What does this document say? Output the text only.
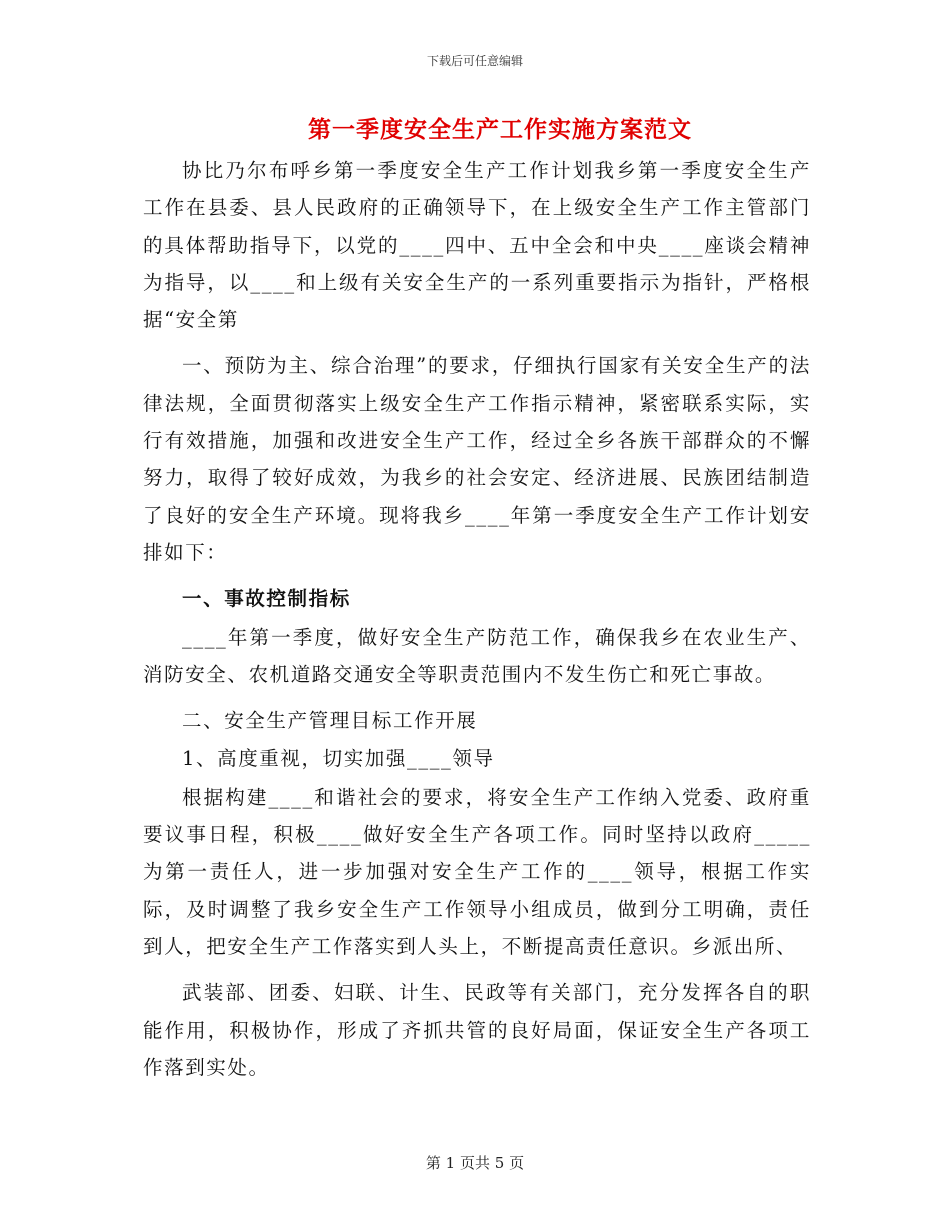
下载后可任意编辑
第一季度安全生产工作实施方案范文

协比乃尔布呼乡第一季度安全生产工作计划我乡第一季度安全生产工作在县委、县人民政府的正确领导下，在上级安全生产工作主管部门的具体帮助指导下，以党的____四中、五中全会和中央____座谈会精神为指导，以____和上级有关安全生产的一系列重要指示为指针，严格根据“安全第

一、预防为主、综合治理”的要求，仔细执行国家有关安全生产的法律法规，全面贯彻落实上级安全生产工作指示精神，紧密联系实际，实行有效措施，加强和改进安全生产工作，经过全乡各族干部群众的不懈努力，取得了较好成效，为我乡的社会安定、经济进展、民族团结制造了良好的安全生产环境。现将我乡____年第一季度安全生产工作计划安排如下：

一、事故控制指标

____年第一季度，做好安全生产防范工作，确保我乡在农业生产、消防安全、农机道路交通安全等职责范围内不发生伤亡和死亡事故。

二、安全生产管理目标工作开展

1、高度重视，切实加强____领导

根据构建____和谐社会的要求，将安全生产工作纳入党委、政府重要议事日程，积极____做好安全生产各项工作。同时坚持以政府_____为第一责任人，进一步加强对安全生产工作的____领导，根据工作实际，及时调整了我乡安全生产工作领导小组成员，做到分工明确，责任到人，把安全生产工作落实到人头上，不断提高责任意识。乡派出所、

武装部、团委、妇联、计生、民政等有关部门，充分发挥各自的职能作用，积极协作，形成了齐抓共管的良好局面，保证安全生产各项工作落到实处。

第 1 页共 5 页
